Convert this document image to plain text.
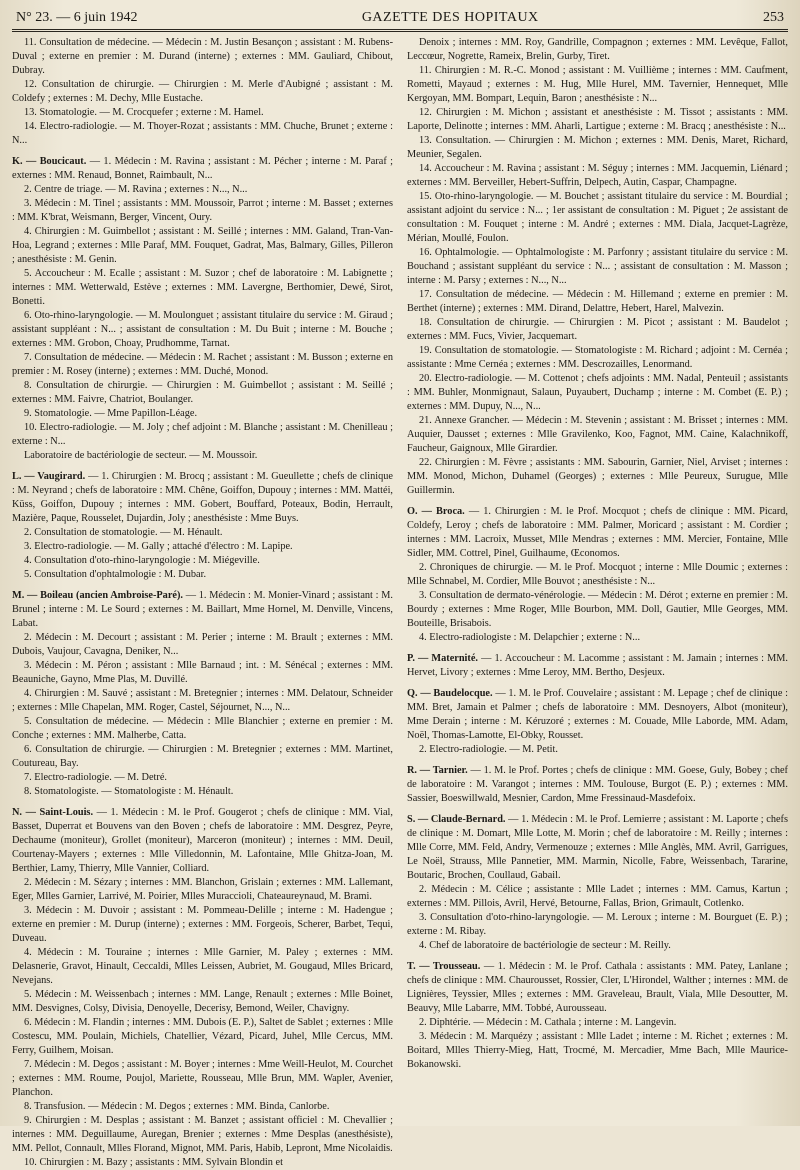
N° 23. — 6 juin 1942	GAZETTE DES HOPITAUX	253

11. Consultation de médecine. — Médecin : M. Justin Besançon ; assistant : M. Rubens-Duval ; externe en premier : M. Durand (interne) ; externes : MM. Gauliard, Chibout, Dubray.

12. Consultation de chirurgie. — Chirurgien : M. Merle d'Aubigné ; assistant : M. Coldefy ; externes : M. Dechy, Mlle Eustache.

13. Stomatologie. — M. Crocquefer ; externe : M. Hamel.

14. Electro-radiologie. — M. Thoyer-Rozat ; assistants : MM. Chuche, Brunet ; externe : N...

K. — Boucicaut. — 1. Médecin : M. Ravina ; assistant : M. Pécher ; interne : M. Paraf ; externes : MM. Renaud, Bonnet, Raimbault, N...

2. Centre de triage. — M. Ravina ; externes : N..., N...

3. Médecin : M. Tinel ; assistants : MM. Moussoir, Parrot ; interne : M. Basset ; externes : MM. K'brat, Weismann, Berger, Vincent, Oury.

4. Chirurgien : M. Guimbellot ; assistant : M. Seillé ; internes : MM. Galand, Tran-Van-Hoa, Legrand ; externes : Mlle Paraf, MM. Fouquet, Gadrat, Mas, Balmary, Gilles, Pilleron ; anesthésiste : M. Genin.

5. Accoucheur : M. Ecalle ; assistant : M. Suzor ; chef de laboratoire : M. Labignette ; internes : MM. Wetterwald, Estève ; externes : MM. Lavergne, Berthomier, Dewé, Sirot, Bonetti.

6. Oto-rhino-laryngologie. — M. Moulonguet ; assistant titulaire du service : M. Giraud ; assistant suppléant : N... ; assistant de consultation : M. Du Buit ; interne : M. Bouche ; externes : MM. Grobon, Choay, Prudhomme, Tarnat.

7. Consultation de médecine. — Médecin : M. Rachet ; assistant : M. Busson ; externe en premier : M. Rosey (interne) ; externes : MM. Duché, Monod.

8. Consultation de chirurgie. — Chirurgien : M. Guimbellot ; assistant : M. Seillé ; externes : MM. Faivre, Chatriot, Boulanger.

9. Stomatologie. — Mme Papillon-Léage.

10. Electro-radiologie. — M. Joly ; chef adjoint : M. Blanche ; assistant : M. Chenilleau ; externe : N...

Laboratoire de bactériologie de secteur. — M. Moussoir.

L. — Vaugirard. — 1. Chirurgien : M. Brocq ; assistant : M. Gueullette ; chefs de clinique : M. Neyrand ; chefs de laboratoire : MM. Chêne, Goiffon, Dupouy ; internes : MM. Mattéi, Küss, Goiffon, Dupouy ; internes : MM. Gobert, Bouffard, Poteaux, Bodin, Herrault, Mazière, Paque, Rousselet, Dujardin, Joly ; anesthésiste : Mme Buys.

2. Consultation de stomatologie. — M. Hénault.

3. Electro-radiologie. — M. Gally ; attaché d'électro : M. Lapipe.

4. Consultation d'oto-rhino-laryngologie : M. Miégeville.

5. Consultation d'ophtalmologie : M. Dubar.

M. — Boileau (ancien Ambroise-Paré). — 1. Médecin : M. Monier-Vinard ; assistant : M. Brunel ; interne : M. Le Sourd ; externes : M. Baillart, Mme Hornel, M. Denville, Vincens, Labat.

2. Médecin : M. Decourt ; assistant : M. Perier ; interne : M. Brault ; externes : MM. Dubois, Vaujour, Cavagna, Deniker, N...

3. Médecin : M. Péron ; assistant : Mlle Barnaud ; int. : M. Sénécal ; externes : MM. Beauniche, Gayno, Mme Plas, M. Duvillé.

4. Chirurgien : M. Sauvé ; assistant : M. Bretegnier ; internes : MM. Delatour, Schneider ; externes : Mlle Chapelan, MM. Roger, Castel, Séjournet, N..., N...

5. Consultation de médecine. — Médecin : Mlle Blanchier ; externe en premier : M. Conche ; externes : MM. Malherbe, Catta.

6. Consultation de chirurgie. — Chirurgien : M. Bretegnier ; externes : MM. Martinet, Coutureau, Bay.

7. Electro-radiologie. — M. Detré.

8. Stomatologiste. — Stomatologiste : M. Hénault.

N. — Saint-Louis. — 1. Médecin : M. le Prof. Gougerot ; chefs de clinique : MM. Vial, Basset, Duperrat et Bouvens van den Boven ; chefs de laboratoire : MM. Desgrez, Peyre, Dechaume (moniteur), Grollet (moniteur), Marceron (moniteur) ; internes : MM. Deuil, Courtenay-Mayers ; externes : Mlle Villedonnin, M. Lafontaine, Mlle Ghitza-Joan, M. Berthier, Lamy, Thierry, Mlle Vannier, Colliard.

2. Médecin : M. Sézary ; internes : MM. Blanchon, Grislain ; externes : MM. Lallemant, Eger, Mlles Garnier, Larrivé, M. Poirier, Mlles Muraccioli, Chateaureynaud, M. Brami.

3. Médecin : M. Duvoir ; assistant : M. Pommeau-Delille ; interne : M. Hadengue ; externe en premier : M. Durup (interne) ; externes : MM. Forgeois, Scherer, Barbet, Tequi, Duveau.

4. Médecin : M. Touraine ; internes : Mlle Garnier, M. Paley ; externes : MM. Delasnerie, Gravot, Hinault, Ceccaldi, Mlles Leissen, Aubriet, M. Gougaud, Mlles Bricard, Nevejans.

5. Médecin : M. Weissenbach ; internes : MM. Lange, Renault ; externes : Mlle Boinet, MM. Desvignes, Colsy, Divisia, Denoyelle, Decerisy, Bemond, Weiler, Chavigny.

6. Médecin : M. Flandin ; internes : MM. Dubois (E. P.), Saltet de Sablet ; externes : Mlle Costescu, MM. Poulain, Michiels, Chatellier, Vézard, Picard, Juhel, Mlle Cercus, MM. Ferry, Guilhem, Moisan.

7. Médecin : M. Degos ; assistant : M. Boyer ; internes : Mme Weill-Heulot, M. Courchet ; externes : MM. Roume, Poujol, Mariette, Rousseau, Mlle Brun, MM. Wapler, Avenier, Planchon.

8. Transfusion. — Médecin : M. Degos ; externes : MM. Binda, Canlorbe.

9. Chirurgien : M. Desplas ; assistant : M. Banzet ; assistant officiel : M. Chevallier ; internes : MM. Deguillaume, Auregan, Brenier ; externes : Mme Desplas (anesthésiste), MM. Pellot, Connault, Mlles Florand, Mignot, MM. Paris, Habib, Lepront, Mme Nicolaidis.

10. Chirurgien : M. Bazy ; assistants : MM. Sylvain Blondin et

Denoix ; internes : MM. Roy, Gandrille, Compagnon ; externes : MM. Levêque, Fallot, Leccœur, Nogrette, Rameix, Brelin, Gurby, Tiret.

11. Chirurgien : M. R.-C. Monod ; assistant : M. Vuillième ; internes : MM. Caufment, Rometti, Mayaud ; externes : M. Hug, Mlle Hurel, MM. Tavernier, Hennequet, Mlle Kergoyan, MM. Bompart, Lequin, Baron ; anesthésiste : N...

12. Chirurgien : M. Michon ; assistant et anesthésiste : M. Tissot ; assistants : MM. Laporte, Delinotte ; internes : MM. Aharli, Lartigue ; externe : M. Bracq ; anesthésiste : N...

13. Consultation. — Chirurgien : M. Michon ; externes : MM. Denis, Maret, Richard, Meunier, Segalen.

14. Accoucheur : M. Ravina ; assistant : M. Séguy ; internes : MM. Jacquemin, Liénard ; externes : MM. Berveiller, Hebert-Suffrin, Delpech, Autin, Caspar, Champagne.

15. Oto-rhino-laryngologie. — M. Bouchet ; assistant titulaire du service : M. Bourdial ; assistant adjoint du service : N... ; 1er assistant de consultation : M. Piguet ; 2e assistant de consultation : M. Fouquet ; interne : M. André ; externes : MM. Diala, Jacquet-Lagrèze, Mérian, Moullé, Foulon.

16. Ophtalmologie. — Ophtalmologiste : M. Parfonry ; assistant titulaire du service : M. Bouchand ; assistant suppléant du service : N... ; assistant de consultation : M. Masson ; interne : M. Parsy ; externes : N..., N...

17. Consultation de médecine. — Médecin : M. Hillemand ; externe en premier : M. Berthet (interne) ; externes : MM. Dirand, Delattre, Hebert, Harel, Malvezin.

18. Consultation de chirurgie. — Chirurgien : M. Picot ; assistant : M. Baudelot ; externes : MM. Fucs, Vivier, Jacquemart.

19. Consultation de stomatologie. — Stomatologiste : M. Richard ; adjoint : M. Cernéa ; assistante : Mme Cernéa ; externes : MM. Descrozailles, Lenormand.

20. Electro-radiologie. — M. Cottenot ; chefs adjoints : MM. Nadal, Penteuil ; assistants : MM. Buhler, Monmignaut, Salaun, Puyaubert, Duchamp ; interne : M. Combet (E. P.) ; externes : MM. Dupuy, N..., N...

21. Annexe Grancher. — Médecin : M. Stevenin ; assistant : M. Brisset ; internes : MM. Auquier, Dausset ; externes : Mlle Gravilenko, Koo, Fagnot, MM. Caine, Kalachnikoff, Faucheur, Gaignoux, Mlle Girardier.

22. Chirurgien : M. Fèvre ; assistants : MM. Sabourin, Garnier, Niel, Arviset ; internes : MM. Monod, Michon, Duhamel (Georges) ; externes : Mlle Peureux, Surugue, Mlle Guillermin.

O. — Broca. — 1. Chirurgien : M. le Prof. Mocquot ; chefs de clinique : MM. Picard, Coldefy, Leroy ; chefs de laboratoire : MM. Palmer, Moricard ; assistant : M. Cordier ; internes : MM. Lacroix, Musset, Mlle Mendras ; externes : MM. Mercier, Fontaine, Mlle Sidler, MM. Cottrel, Pinel, Guilhaume, Œconomos.

2. Chroniques de chirurgie. — M. le Prof. Mocquot ; interne : Mlle Doumic ; externes : Mlle Schnabel, M. Cordier, Mlle Bouvot ; anesthésiste : N...

3. Consultation de dermato-vénérologie. — Médecin : M. Dérot ; externe en premier : M. Bourdy ; externes : Mme Roger, Mlle Bourbon, MM. Doll, Gautier, Mlle Georges, MM. Bouteille, Brisabois.

4. Electro-radiologiste : M. Delapchier ; externe : N...

P. — Maternité. — 1. Accoucheur : M. Lacomme ; assistant : M. Jamain ; internes : MM. Hervet, Livory ; externes : Mme Leroy, MM. Bertho, Desjeux.

Q. — Baudelocque. — 1. M. le Prof. Couvelaire ; assistant : M. Lepage ; chef de clinique : MM. Bret, Jamain et Palmer ; chefs de laboratoire : MM. Desnoyers, Albot (moniteur), Mme Derain ; interne : M. Kéruzoré ; externes : M. Couade, Mlle Laborde, MM. Adam, Noël, Thomas-Lamotte, El-Obky, Rousset.

2. Electro-radiologie. — M. Petit.

R. — Tarnier. — 1. M. le Prof. Portes ; chefs de clinique : MM. Goese, Guly, Bobey ; chef de laboratoire : M. Varangot ; internes : MM. Toulouse, Burgot (E. P.) ; externes : MM. Sassier, Boeswillwald, Mesnier, Cardon, Mme Fressinaud-Masdefoix.

S. — Claude-Bernard. — 1. Médecin : M. le Prof. Lemierre ; assistant : M. Laporte ; chefs de clinique : M. Domart, Mlle Lotte, M. Morin ; chef de laboratoire : M. Reilly ; internes : Mlle Corre, MM. Feld, Andry, Vermenouze ; externes : Mlle Anglès, MM. Avril, Garrigues, Le Noël, Strauss, Mlle Pannetier, MM. Marmin, Nicolle, Fabre, Weissenbach, Tararine, Boutaric, Brochen, Coullaud, Gabail.

2. Médecin : M. Célice ; assistante : Mlle Ladet ; internes : MM. Camus, Kartun ; externes : MM. Pillois, Avril, Hervé, Betourne, Fallas, Brion, Grimault, Cotlenko.

3. Consultation d'oto-rhino-laryngologie. — M. Leroux ; interne : M. Bourguet (E. P.) ; externe : M. Ribay.

4. Chef de laboratoire de bactériologie de secteur : M. Reilly.

T. — Trousseau. — 1. Médecin : M. le Prof. Cathala : assistants : MM. Patey, Lanlane ; chefs de clinique : MM. Chaurousset, Rossier, Cler, L'Hirondel, Walther ; internes : MM. de Lignières, Teyssier, Mlles ; externes : MM. Graveleau, Brault, Viala, Mlle Desoutter, M. Beauvy, Mlle Labarre, MM. Tobbé, Aurousseau.

2. Diphtérie. — Médecin : M. Cathala ; interne : M. Langevin.

3. Médecin : M. Marquézy ; assistant : Mlle Ladet ; interne : M. Richet ; externes : M. Boitard, Mlles Thierry-Mieg, Hatt, Trocmé, M. Mercadier, Mme Bach, Mlle Maurice-Bokanowski.
